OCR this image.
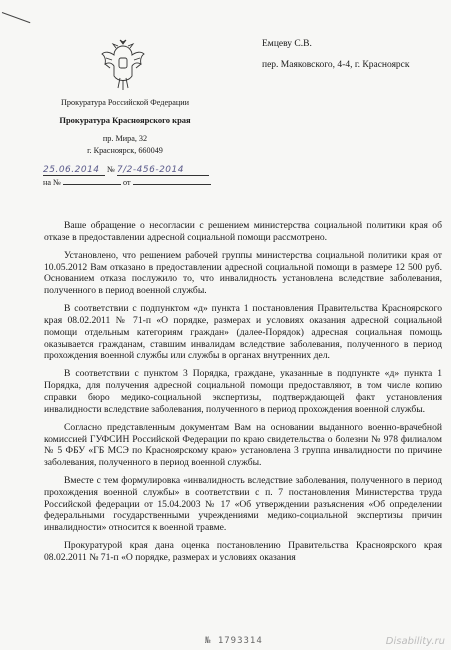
Емцеву С.В.
пер. Маяковского, 4-4, г. Красноярск
Прокуратура Российской Федерации
Прокуратура Красноярского края
пр. Мира, 32
г. Красноярск, 660049
25.06.2014 № 7/2-456-2014
на №	от

Ваше обращение о несогласии с решением министерства социальной политики края об отказе в предоставлении адресной социальной помощи рассмотрено.

Установлено, что решением рабочей группы министерства социальной политики края от 10.05.2012 Вам отказано в предоставлении адресной социальной помощи в размере 12 500 руб. Основанием отказа послужило то, что инвалидность установлена вследствие заболевания, полученного в период военной службы.

В соответствии с подпунктом «д» пункта 1 постановления Правительства Красноярского края 08.02.2011 № 71-п «О порядке, размерах и условиях оказания адресной социальной помощи отдельным категориям граждан» (далее-Порядок) адресная социальная помощь оказывается гражданам, ставшим инвалидам вследствие заболевания, полученного в период прохождения военной службы или службы в органах внутренних дел.

В соответствии с пунктом 3 Порядка, граждане, указанные в подпункте «д» пункта 1 Порядка, для получения адресной социальной помощи предоставляют, в том числе копию справки бюро медико-социальной экспертизы, подтверждающей факт установления инвалидности вследствие заболевания, полученного в период прохождения военной службы.

Согласно представленным документам Вам на основании выданного военно-врачебной комиссией ГУФСИН Российской Федерации по краю свидетельства о болезни № 978 филиалом № 5 ФБУ «ГБ МСЭ по Красноярскому краю» установлена 3 группа инвалидности по причине заболевания, полученного в период военной службы.

Вместе с тем формулировка «инвалидность вследствие заболевания, полученного в период прохождения военной службы» в соответствии с п. 7 постановления Министерства труда Российской федерации от 15.04.2003 № 17 «Об утверждении разъяснения «Об определении федеральными государственными учреждениями медико-социальной экспертизы причин инвалидности» относится к военной травме.

Прокуратурой края дана оценка постановлению Правительства Красноярского края 08.02.2011 № 71-п «О порядке, размерах и условиях оказания

№ 1793314	Disability.ru
